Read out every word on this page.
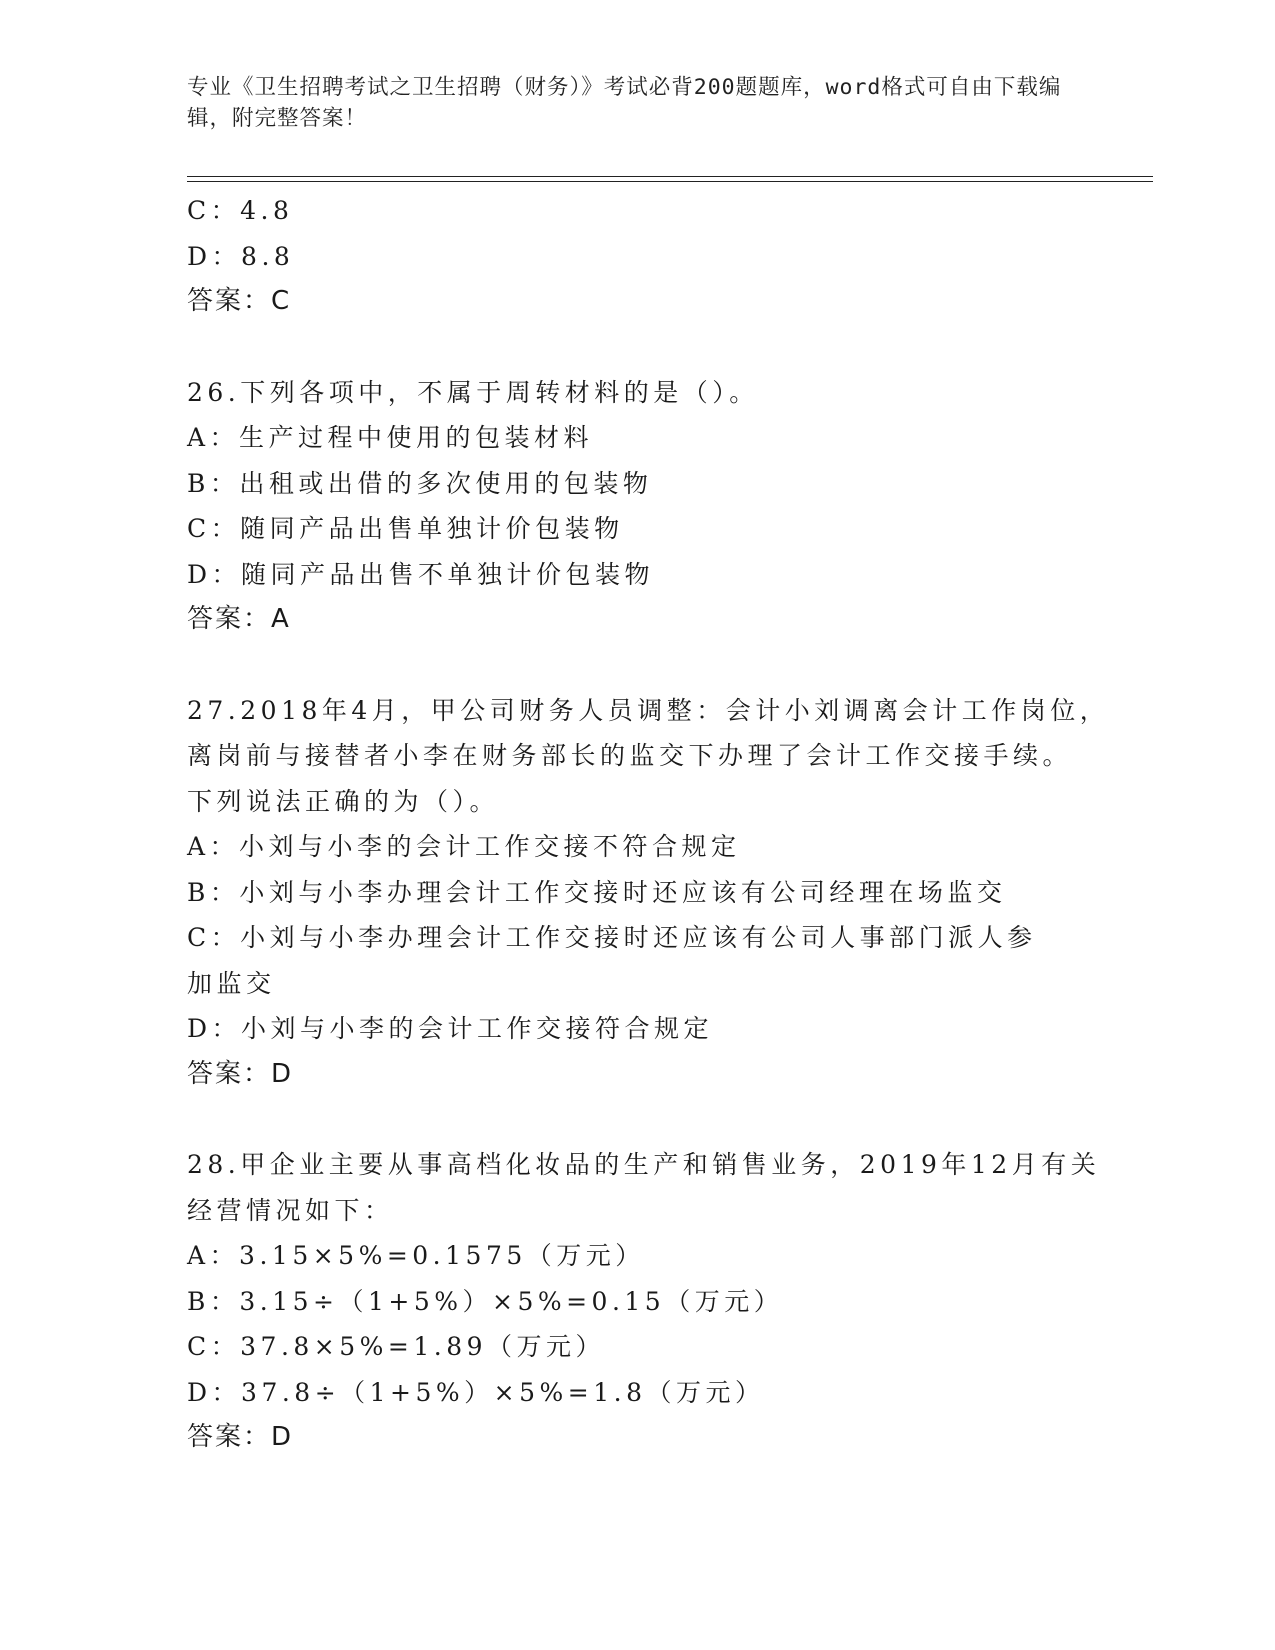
专业《卫生招聘考试之卫生招聘（财务）》考试必背200题题库，word格式可自由下载编辑，附完整答案！
C：4.8
D：8.8
答案：C
26.下列各项中，不属于周转材料的是（）。
A：生产过程中使用的包装材料
B：出租或出借的多次使用的包装物
C：随同产品出售单独计价包装物
D：随同产品出售不单独计价包装物
答案：A
27.2018年4月，甲公司财务人员调整：会计小刘调离会计工作岗位，
离岗前与接替者小李在财务部长的监交下办理了会计工作交接手续。
下列说法正确的为（）。
A：小刘与小李的会计工作交接不符合规定
B：小刘与小李办理会计工作交接时还应该有公司经理在场监交
C：小刘与小李办理会计工作交接时还应该有公司人事部门派人参加监交
D：小刘与小李的会计工作交接符合规定
答案：D
28.甲企业主要从事高档化妆品的生产和销售业务，2019年12月有关
经营情况如下：
A：3.15×5%=0.1575（万元）
B：3.15÷（1+5%）×5%=0.15（万元）
C：37.8×5%=1.89（万元）
D：37.8÷（1+5%）×5%=1.8（万元）
答案：D
